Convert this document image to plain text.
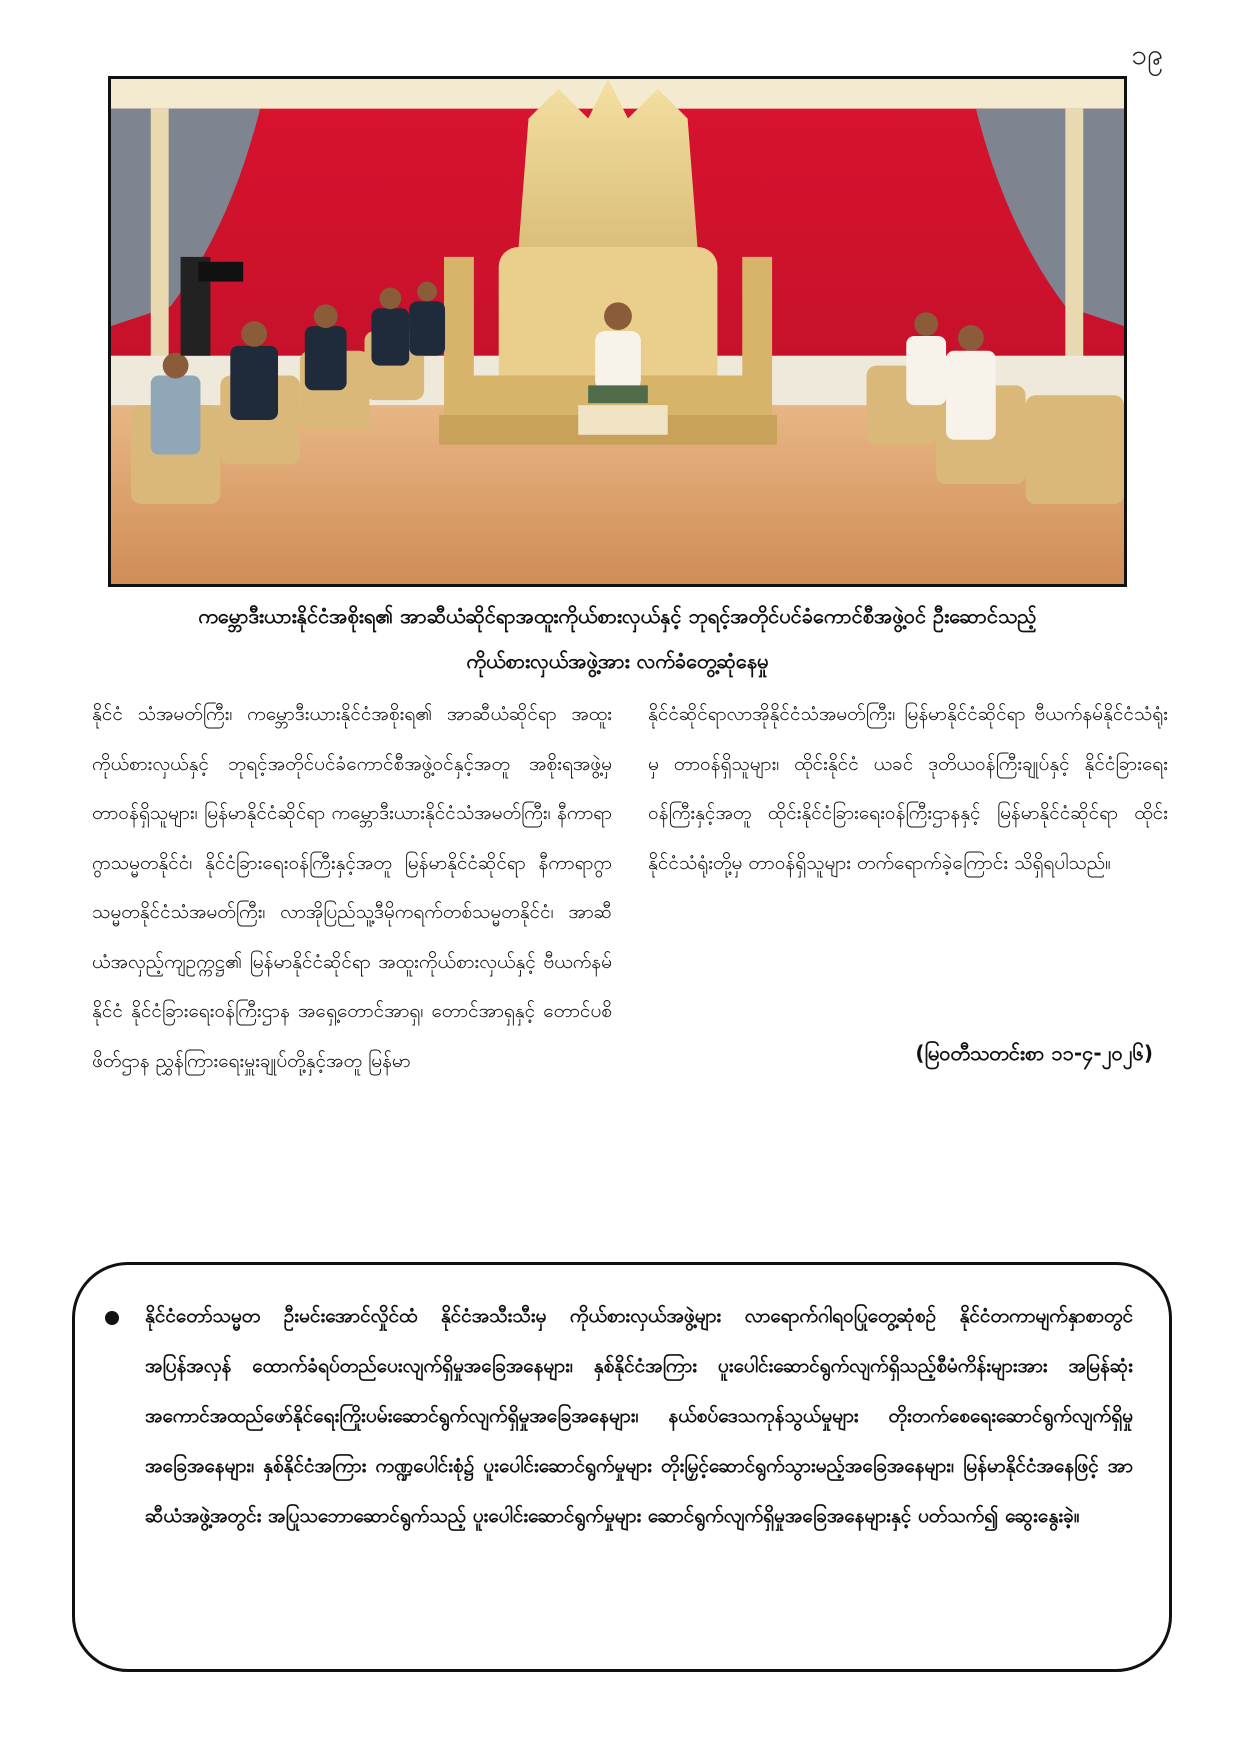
၁၉
ကမ္ဘောဒီးယားနိုင်ငံအစိုးရ၏ အာဆီယံဆိုင်ရာအထူးကိုယ်စားလှယ်နှင့် ဘုရင့်အတိုင်ပင်ခံကောင်စီအဖွဲ့ဝင် ဦးဆောင်သည့်
ကိုယ်စားလှယ်အဖွဲ့အား လက်ခံတွေ့ဆုံနေမှု
နိုင်ငံ သံအမတ်ကြီး၊ ကမ္ဘောဒီးယားနိုင်ငံအစိုးရ၏ အာဆီယံဆိုင်ရာ အထူးကိုယ်စားလှယ်နှင့် ဘုရင့်အတိုင်ပင်ခံကောင်စီအဖွဲ့ဝင်နှင့်အတူ အစိုးရအဖွဲ့မှ တာဝန်ရှိသူများ၊ မြန်မာနိုင်ငံဆိုင်ရာ ကမ္ဘောဒီးယားနိုင်ငံသံအမတ်ကြီး၊ နီကာရာဂွာသမ္မတနိုင်ငံ၊ နိုင်ငံခြားရေးဝန်ကြီးနှင့်အတူ မြန်မာနိုင်ငံဆိုင်ရာ နီကာရာဂွာသမ္မတနိုင်ငံသံအမတ်ကြီး၊ လာအိုပြည်သူ့ဒီမိုကရက်တစ်သမ္မတနိုင်ငံ၊ အာဆီယံအလှည့်ကျဥက္ကဋ္ဌ၏ မြန်မာနိုင်ငံဆိုင်ရာ အထူးကိုယ်စားလှယ်နှင့် ဗီယက်နမ်နိုင်ငံ နိုင်ငံခြားရေးဝန်ကြီးဌာန အရှေ့တောင်အာရှ၊ တောင်အာရှနှင့် တောင်ပစိဖိတ်ဌာန ညွှန်ကြားရေးမှူးချုပ်တို့နှင့်အတူ မြန်မာ
နိုင်ငံဆိုင်ရာလာအိုနိုင်ငံသံအမတ်ကြီး၊ မြန်မာနိုင်ငံဆိုင်ရာ ဗီယက်နမ်နိုင်ငံသံရုံးမှ တာဝန်ရှိသူများ၊ ထိုင်းနိုင်ငံ ယခင် ဒုတိယဝန်ကြီးချုပ်နှင့် နိုင်ငံခြားရေးဝန်ကြီးနှင့်အတူ ထိုင်းနိုင်ငံခြားရေးဝန်ကြီးဌာနနှင့် မြန်မာနိုင်ငံဆိုင်ရာ ထိုင်းနိုင်ငံသံရုံးတို့မှ တာဝန်ရှိသူများ တက်ရောက်ခဲ့ကြောင်း သိရှိရပါသည်။
(မြဝတီသတင်းစာ ၁၁-၄-၂၀၂၆)
နိုင်ငံတော်သမ္မတ ဦးမင်းအောင်လှိုင်ထံ နိုင်ငံအသီးသီးမှ ကိုယ်စားလှယ်အဖွဲ့များ လာရောက်ဂါရဝပြုတွေ့ဆုံစဉ် နိုင်ငံတကာမျက်နှာစာတွင် အပြန်အလှန် ထောက်ခံရပ်တည်ပေးလျက်ရှိမှုအခြေအနေများ၊ နှစ်နိုင်ငံအကြား ပူးပေါင်းဆောင်ရွက်လျက်ရှိသည့်စီမံကိန်းများအား အမြန်ဆုံးအကောင်အထည်ဖော်နိုင်ရေးကြိုးပမ်းဆောင်ရွက်လျက်ရှိမှုအခြေအနေများ၊ နယ်စပ်ဒေသကုန်သွယ်မှုများ တိုးတက်စေရေးဆောင်ရွက်လျက်ရှိမှုအခြေအနေများ၊ နှစ်နိုင်ငံအကြား ကဏ္ဍပေါင်းစုံ၌ ပူးပေါင်းဆောင်ရွက်မှုများ တိုးမြှင့်ဆောင်ရွက်သွားမည့်အခြေအနေများ၊ မြန်မာနိုင်ငံအနေဖြင့် အာဆီယံအဖွဲ့အတွင်း အပြုသဘောဆောင်ရွက်သည့် ပူးပေါင်းဆောင်ရွက်မှုများ ဆောင်ရွက်လျက်ရှိမှုအခြေအနေများနှင့် ပတ်သက်၍ ဆွေးနွေးခဲ့။
